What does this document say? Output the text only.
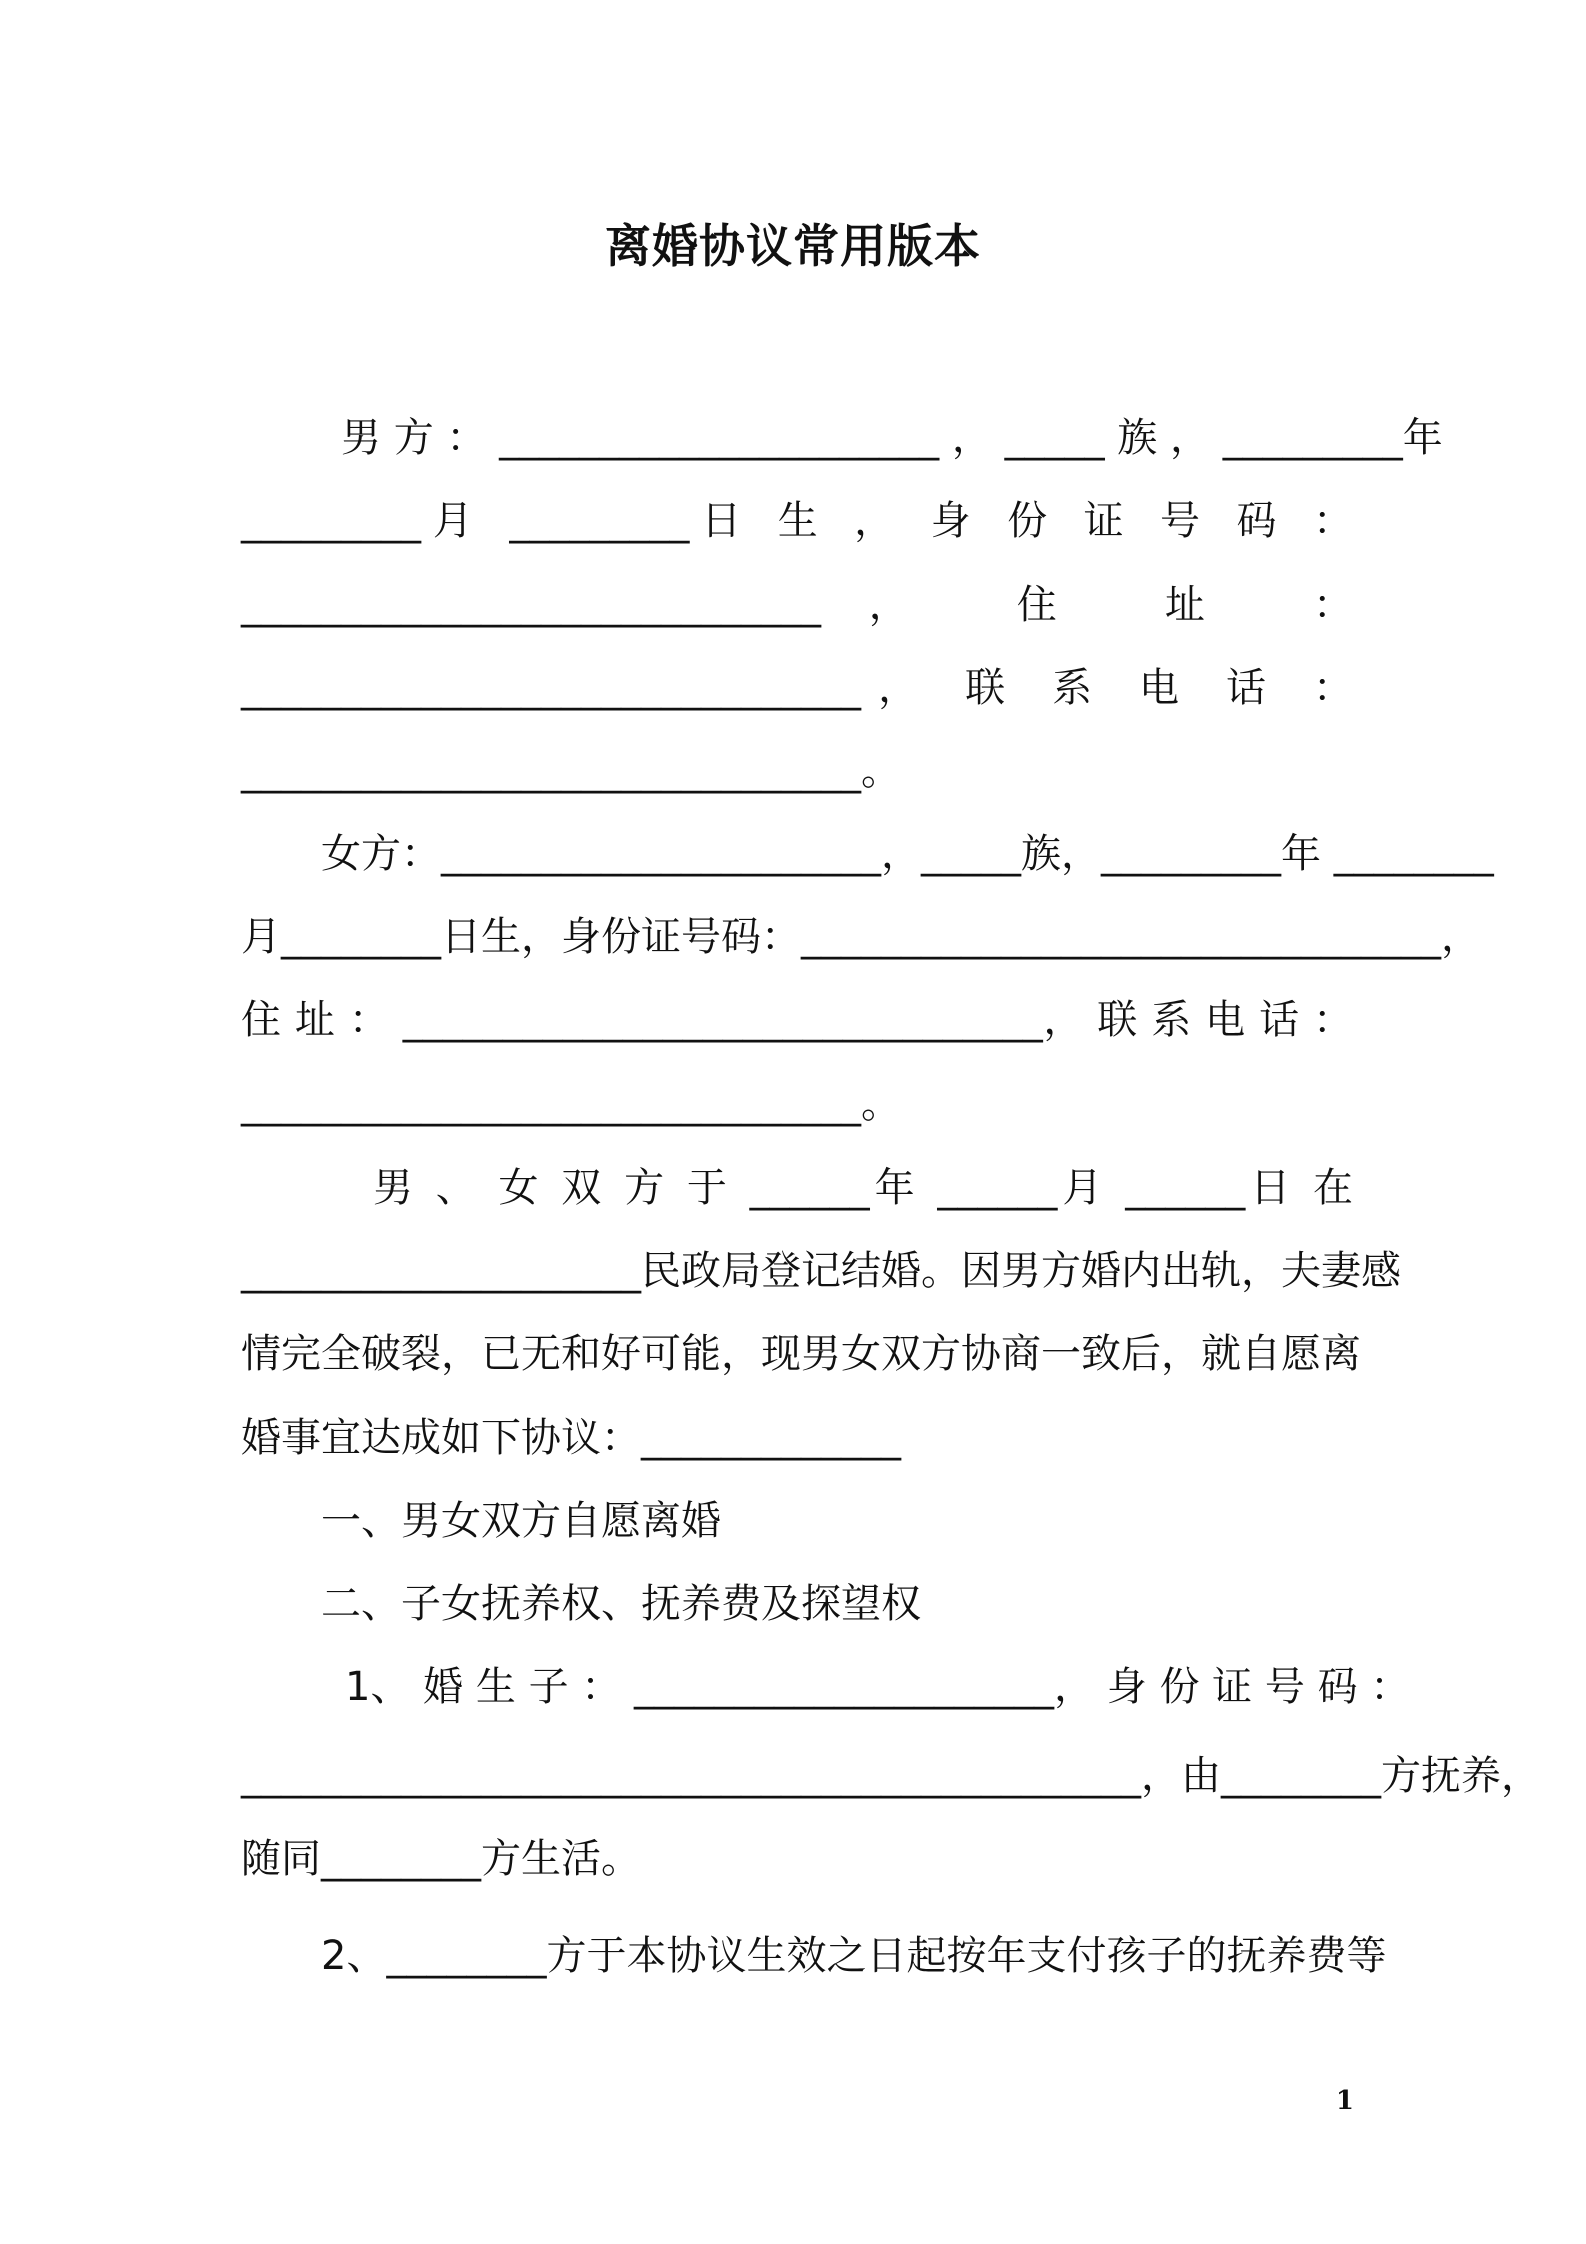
离婚协议常用版本
男 方 ： ______________________ ， _____ 族 ， _________年
_________月 _________日 生 ， 身 份 证 号 码 ：
_____________________________， 住 址 ：
_______________________________， 联 系 电 话 ：
_______________________________。
女方：______________________，_____族，_________年 ________
月________日生，身份证号码：________________________________，
住 址 ： ________________________________， 联 系 电 话 ：
_______________________________。
男 、 女 双 方 于 ______年 ______月 ______日 在
____________________民政局登记结婚。因男方婚内出轨，夫妻感
情完全破裂，已无和好可能，现男女双方协商一致后，就自愿离
婚事宜达成如下协议：_____________
一、男女双方自愿离婚
二、子女抚养权、抚养费及探望权
1、 婚 生 子 ： _____________________， 身 份 证 号 码 ：
_____________________________________________，由________方抚养，
随同________方生活。
2、________方于本协议生效之日起按年支付孩子的抚养费等
1
